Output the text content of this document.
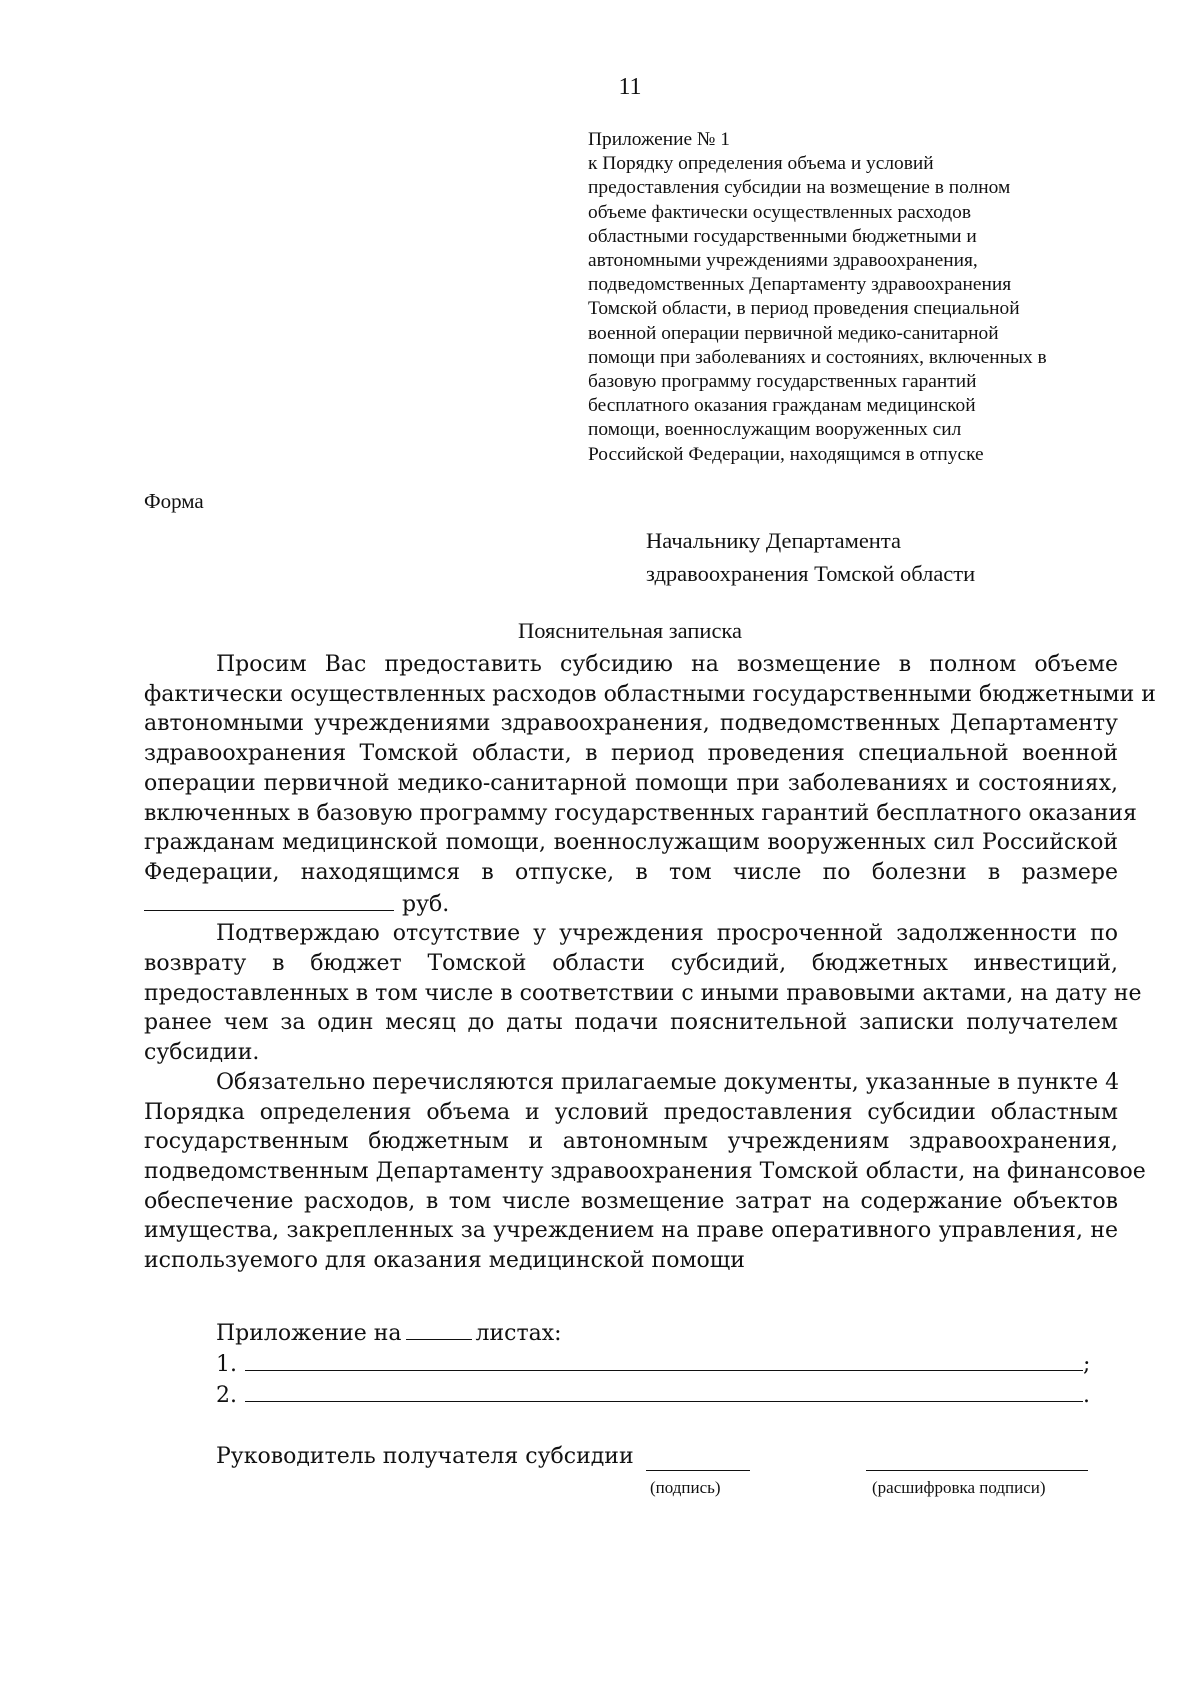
11
Приложение № 1
к Порядку определения объема и условий
предоставления субсидии на возмещение в полном
объеме фактически осуществленных расходов
областными государственными бюджетными и
автономными учреждениями здравоохранения,
подведомственных Департаменту здравоохранения
Томской области, в период проведения специальной
военной операции первичной медико-санитарной
помощи при заболеваниях и состояниях, включенных в
базовую программу государственных гарантий
бесплатного оказания гражданам медицинской
помощи, военнослужащим вооруженных сил
Российской Федерации, находящимся в отпуске
Форма
Начальнику Департамента
здравоохранения Томской области
Пояснительная записка
Просим Вас предоставить субсидию на возмещение в полном объеме
фактически осуществленных расходов областными государственными бюджетными и
автономными учреждениями здравоохранения, подведомственных Департаменту
здравоохранения Томской области, в период проведения специальной военной
операции первичной медико-санитарной помощи при заболеваниях и состояниях,
включенных в базовую программу государственных гарантий бесплатного оказания
гражданам медицинской помощи, военнослужащим вооруженных сил Российской
Федерации, находящимся в отпуске, в том числе по болезни в размере
руб.
Подтверждаю отсутствие у учреждения просроченной задолженности по
возврату в бюджет Томской области субсидий, бюджетных инвестиций,
предоставленных в том числе в соответствии с иными правовыми актами, на дату не
ранее чем за один месяц до даты подачи пояснительной записки получателем
субсидии.
Обязательно перечисляются прилагаемые документы, указанные в пункте 4
Порядка определения объема и условий предоставления субсидии областным
государственным бюджетным и автономным учреждениям здравоохранения,
подведомственным Департаменту здравоохранения Томской области, на финансовое
обеспечение расходов, в том числе возмещение затрат на содержание объектов
имущества, закрепленных за учреждением на праве оперативного управления, не
используемого для оказания медицинской помощи
Приложение на	листах:
1.	;
2.	.
Руководитель получателя субсидии
(подпись)	(расшифровка подписи)
